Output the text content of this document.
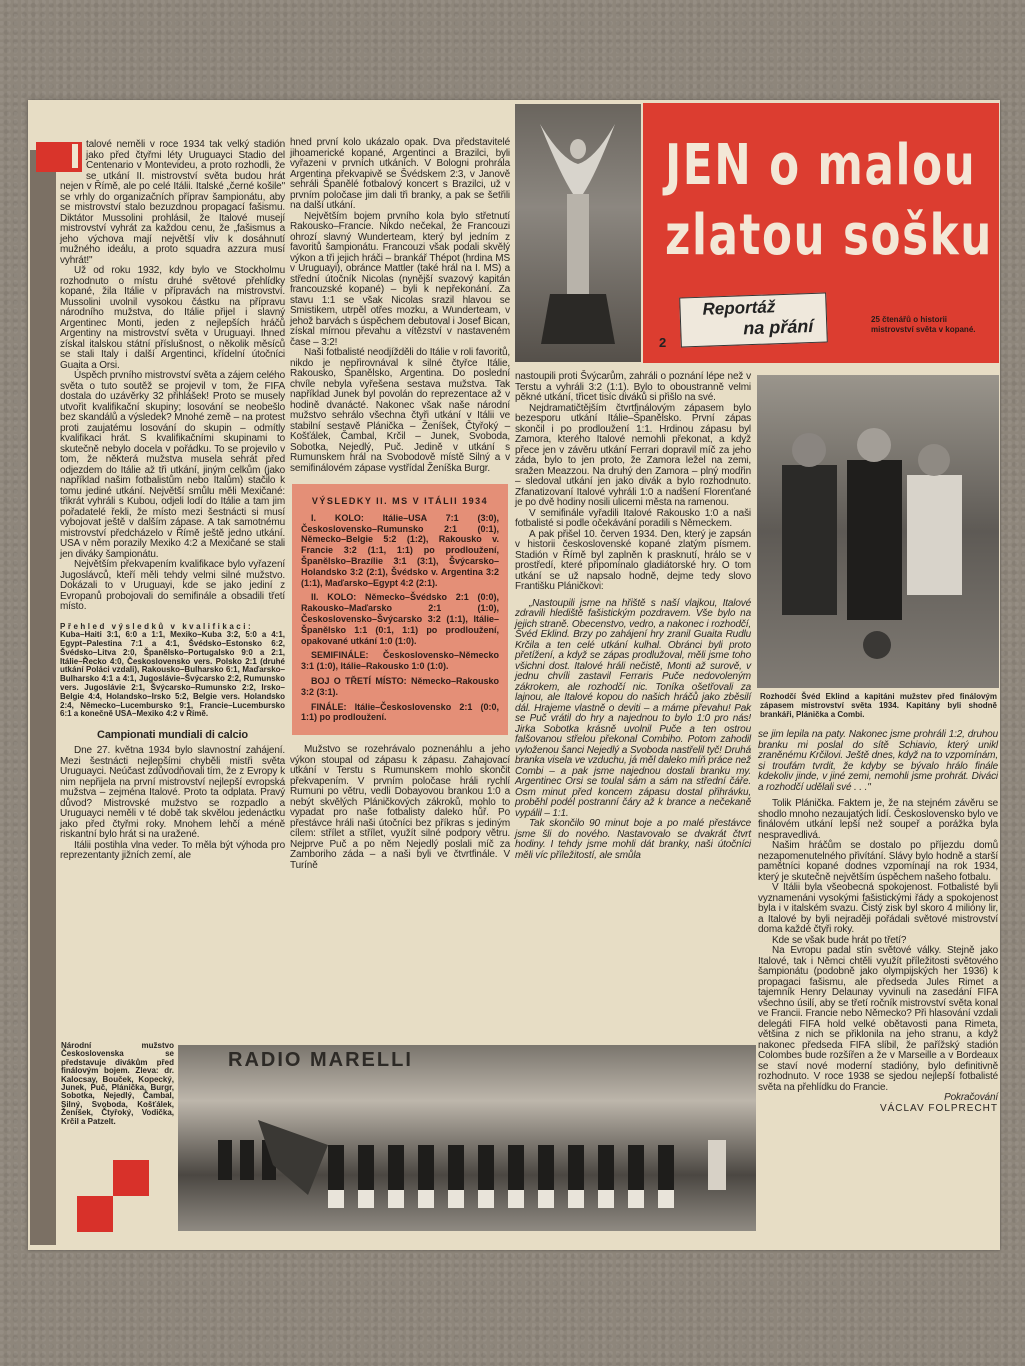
JEN o malou
zlatou sošku
Reportáž
na přání
2
25 čtenářů o historii mistrovství světa v kopané.

talové neměli v roce 1934 tak velký stadión jako před čtyřmi léty Uruguayci Stadio del Centenario v Montevideu, a proto rozhodli, že se utkání II. mistrovství světa budou hrát nejen v Římě, ale po celé Itálii. Italské „černé košile" se vrhly do organizačních příprav šampionátu, aby se mistrovství stalo bezuzdnou propagací fašismu. Diktátor Mussolini prohlásil, že Italové musejí mistrovství vyhrát za každou cenu, že „fašismus a jeho výchova mají největší vliv k dosáhnutí mužného ideálu, a proto squadra azzura musí vyhrát!"

Už od roku 1932, kdy bylo ve Stockholmu rozhodnuto o místu druhé světové přehlídky kopané, žila Itálie v přípravách na mistrovství. Mussolini uvolnil vysokou částku na přípravu národního mužstva, do Itálie přijel i slavný Argentinec Monti, jeden z nejlepších hráčů Argentiny na mistrovství světa v Uruguayi. Ihned získal italskou státní příslušnost, o několik měsíců se stali Italy i další Argentinci, křídelní útočníci Guaita a Orsi.

Úspěch prvního mistrovství světa a zájem celého světa o tuto soutěž se projevil v tom, že FIFA dostala do uzávěrky 32 přihlášek! Proto se musely utvořit kvalifikační skupiny; losování se neobešlo bez skandálů a výsledek? Mnohé země – na protest proti zaujatému losování do skupin – odmítly kvalifikaci hrát. S kvalifikačními skupinami to skutečně nebylo docela v pořádku. To se projevilo v tom, že některá mužstva musela sehrát před odjezdem do Itálie až tři utkání, jiným celkům (jako například našim fotbalistům nebo Italům) stačilo k tomu jediné utkání. Největší smůlu měli Mexičané: třikrát vyhráli s Kubou, odjeli lodí do Itálie a tam jim pořadatelé řekli, že místo mezi šestnácti si musí vybojovat ještě v dalším zápase. A tak samotnému mistrovství předcházelo v Římě ještě jedno utkání. USA v něm porazily Mexiko 4:2 a Mexičané se stali jen diváky šampionátu.

Největším překvapením kvalifikace bylo vyřazení Jugoslávců, kteří měli tehdy velmi silné mužstvo. Dokázali to v Uruguayi, kde se jako jediní z Evropanů probojovali do semifinále a obsadili třetí místo.

Přehled výsledků v kvalifikaci:
Kuba–Haiti 3:1, 6:0 a 1:1, Mexiko–Kuba 3:2, 5:0 a 4:1, Egypt–Palestina 7:1 a 4:1, Švédsko–Estonsko 6:2, Švédsko–Litva 2:0, Španělsko–Portugalsko 9:0 a 2:1, Itálie–Řecko 4:0, Československo vers. Polsko 2:1 (druhé utkání Poláci vzdali), Rakousko–Bulharsko 6:1, Maďarsko–Bulharsko 4:1 a 4:1, Jugoslávie–Švýcarsko 2:2, Rumunsko vers. Jugoslávie 2:1, Švýcarsko–Rumunsko 2:2, Irsko–Belgie 4:4, Holandsko–Irsko 5:2, Belgie vers. Holandsko 2:4, Německo–Lucembursko 9:1, Francie–Lucembursko 6:1 a konečně USA–Mexiko 4:2 v Římě.
Campionati mundiali di calcio

Dne 27. května 1934 bylo slavnostní zahájení. Mezi šestnácti nejlepšími chyběli mistři světa Uruguayci. Neúčast zdůvodňovali tím, že z Evropy k nim nepřijela na první mistrovství nejlepší evropská mužstva – zejména Italové. Proto ta odplata. Pravý důvod? Mistrovské mužstvo se rozpadlo a Uruguayci neměli v té době tak skvělou jedenáctku jako před čtyřmi roky. Mnohem lehčí a méně riskantní bylo hrát si na uražené.

Itálii postihla vlna veder. To měla být výhoda pro reprezentanty jižních zemí, ale

hned první kolo ukázalo opak. Dva představitelé jihoamerické kopané, Argentinci a Brazilci, byli vyřazeni v prvních utkáních. V Bologni prohrála Argentina překvapivě se Švédskem 2:3, v Janově sehráli Španělé fotbalový koncert s Brazilci, už v prvním poločase jim dali tři branky, a pak se šetřili na další utkání.

Největším bojem prvního kola bylo střetnutí Rakousko–Francie. Nikdo nečekal, že Francouzi ohrozí slavný Wunderteam, který byl jedním z favoritů šampionátu. Francouzi však podali skvělý výkon a tři jejich hráči – brankář Thépot (hrdina MS v Uruguayi), obránce Mattler (také hrál na I. MS) a střední útočník Nicolas (nynější svazový kapitán francouzské kopané) – byli k nepřekonání. Za stavu 1:1 se však Nicolas srazil hlavou se Smistikem, utrpěl otřes mozku, a Wunderteam, v jehož barvách s úspěchem debutoval i Josef Bican, získal mírnou převahu a vítězství v nastaveném čase – 3:2!

Naši fotbalisté neodjížděli do Itálie v roli favoritů, nikdo je nepřirovnával k silné čtyřce Itálie, Rakousko, Španělsko, Argentina. Do poslední chvíle nebyla vyřešena sestava mužstva. Tak například Junek byl povolán do reprezentace až v hodině dvanácté. Nakonec však naše národní mužstvo sehrálo všechna čtyři utkání v Itálii ve stabilní sestavě Plánička – Ženíšek, Čtyřoký – Košťálek, Čambal, Krčil – Junek, Svoboda, Sobotka, Nejedlý, Puč. Jedině v utkání s Rumunskem hrál na Svobodově místě Silný a v semifinálovém zápase vystřídal Ženíška Burgr.

VÝSLEDKY II. MS V ITÁLII 1934

I. KOLO: Itálie–USA 7:1 (3:0), Československo–Rumunsko 2:1 (0:1), Německo–Belgie 5:2 (1:2), Rakousko v. Francie 3:2 (1:1, 1:1) po prodloužení, Španělsko–Brazílie 3:1 (3:1), Švýcarsko–Holandsko 3:2 (2:1), Švédsko v. Argentina 3:2 (1:1), Maďarsko–Egypt 4:2 (2:1).

II. KOLO: Německo–Švédsko 2:1 (0:0), Rakousko–Maďarsko 2:1 (1:0), Československo–Švýcarsko 3:2 (1:1), Itálie–Španělsko 1:1 (0:1, 1:1) po prodloužení, opakované utkání 1:0 (1:0).

SEMIFINÁLE: Československo–Německo 3:1 (1:0), Itálie–Rakousko 1:0 (1:0).

BOJ O TŘETÍ MÍSTO: Německo–Rakousko 3:2 (3:1).

FINÁLE: Itálie–Československo 2:1 (0:0, 1:1) po prodloužení.

Mužstvo se rozehrávalo poznenáhlu a jeho výkon stoupal od zápasu k zápasu. Zahajovací utkání v Terstu s Rumunskem mohlo skončit překvapením. V prvním poločase hráli rychlí Rumuni po větru, vedli Dobayovou brankou 1:0 a nebýt skvělých Pláničkových zákroků, mohlo to vypadat pro naše fotbalisty daleko hůř. Po přestávce hráli naši útočníci bez příkras s jediným cílem: střílet a střílet, využít silné podpory větru. Nejprve Puč a po něm Nejedlý poslali míč za Zamboriho záda – a naši byli ve čtvrtfinále. V Turíně

nastoupili proti Švýcarům, zahráli o poznání lépe než v Terstu a vyhráli 3:2 (1:1). Bylo to oboustranně velmi pěkné utkání, třicet tisíc diváků si přišlo na své.

Nejdramatičtějším čtvrtfinálovým zápasem bylo bezesporu utkání Itálie–Španělsko. První zápas skončil i po prodloužení 1:1. Hrdinou zápasu byl Zamora, kterého Italové nemohli překonat, a když přece jen v závěru utkání Ferrari dopravil míč za jeho záda, bylo to jen proto, že Zamora ležel na zemi, sražen Meazzou. Na druhý den Zamora – plný modřin – sledoval utkání jen jako divák a bylo rozhodnuto. Zfanatizovaní Italové vyhráli 1:0 a nadšení Florenťané je po dvě hodiny nosili ulicemi města na ramenou.

V semifinále vyřadili Italové Rakousko 1:0 a naši fotbalisté si podle očekávání poradili s Německem.

A pak přišel 10. červen 1934. Den, který je zapsán v historii československé kopané zlatým písmem. Stadión v Římě byl zaplněn k prasknutí, hrálo se v prostředí, které připomínalo gladiátorské hry. O tom utkání se už napsalo hodně, dejme tedy slovo Františku Pláničkovi:

„Nastoupili jsme na hřiště s naší vlajkou, Italové zdravili hlediště fašistickým pozdravem. Vše bylo na jejich straně. Obecenstvo, vedro, a nakonec i rozhodčí, Švéd Eklind. Brzy po zahájení hry zranil Guaita Rudlu Krčila a ten celé utkání kulhal. Obránci byli proto přetížení, a když se zápas prodlužoval, měli jsme toho všichni dost. Italové hráli nečistě, Monti až surově, v jednu chvíli zastavil Ferraris Puče nedovoleným zákrokem, ale rozhodčí nic. Toníka ošetřovali za lajnou, ale Italové kopou do našich hráčů jako zběsilí dál. Hrajeme vlastně o deviti – a máme převahu! Pak se Puč vrátil do hry a najednou to bylo 1:0 pro nás! Jirka Sobotka krásně uvolnil Puče a ten ostrou falšovanou střelou překonal Combiho. Potom zahodil vyloženou šanci Nejedlý a Svoboda nastřelil tyč! Druhá branka visela ve vzduchu, já měl daleko míň práce než Combi – a pak jsme najednou dostali branku my. Argentinec Orsi se toulal sám a sám na střední čáře. Osm minut před koncem zápasu dostal přihrávku, proběhl podél postranní čáry až k brance a nečekaně vypálil – 1:1.

Tak skončilo 90 minut boje a po malé přestávce jsme šli do nového. Nastavovalo se dvakrát čtvrt hodiny. I tehdy jsme mohli dát branky, naši útočníci měli víc příležitostí, ale smůla

Rozhodčí Švéd Eklind a kapitáni mužstev před finálovým zápasem mistrovství světa 1934. Kapitány byli shodně brankáři, Plánička a Combi.

se jim lepila na paty. Nakonec jsme prohráli 1:2, druhou branku mi poslal do sítě Schiavio, který unikl zraněnému Krčilovi. Ještě dnes, když na to vzpomínám, si troufám tvrdit, že kdyby se bývalo hrálo finále kdekoliv jinde, v jiné zemi, nemohli jsme prohrát. Diváci a rozhodčí udělali své . . ."

Tolik Plánička. Faktem je, že na stejném závěru se shodlo mnoho nezaujatých lidí. Československo bylo ve finálovém utkání lepší než soupeř a porážka byla nespravedlivá.

Našim hráčům se dostalo po příjezdu domů nezapomenutelného přivítání. Slávy bylo hodně a starší pamětníci kopané dodnes vzpomínají na rok 1934, který je skutečně největším úspěchem našeho fotbalu.

V Itálii byla všeobecná spokojenost. Fotbalisté byli vyznamenáni vysokými fašistickými řády a spokojenost byla i v italském svazu. Čistý zisk byl skoro 4 milióny lir, a Italové by byli nejraději pořádali světové mistrovství doma každé čtyři roky.

Kde se však bude hrát po třetí?

Na Evropu padal stín světové války. Stejně jako Italové, tak i Němci chtěli využít příležitosti světového šampionátu (podobně jako olympijských her 1936) k propagaci fašismu, ale předseda Jules Rimet a tajemník Henry Delaunay vyvinuli na zasedání FIFA všechno úsilí, aby se třetí ročník mistrovství světa konal ve Francii. Francie nebo Německo? Při hlasování vzdali delegáti FIFA hold velké obětavosti pana Rimeta, většina z nich se přiklonila na jeho stranu, a když nakonec předseda FIFA slíbil, že pařížský stadión Colombes bude rozšířen a že v Marseille a v Bordeaux se staví nové moderní stadióny, bylo definitivně rozhodnuto. V roce 1938 se sjedou nejlepší fotbalisté světa na přehlídku do Francie.

Pokračování

VÁCLAV FOLPRECHT

Národní mužstvo Československa se představuje divákům před finálovým bojem. Zleva: dr. Kalocsay, Bouček, Kopecký, Junek, Puč, Plánička, Burgr, Sobotka, Nejedlý, Čambal, Silný, Svoboda, Košťálek, Ženíšek, Čtyřoký, Vodička, Krčil a Patzelt.
RADIO MARELLI
